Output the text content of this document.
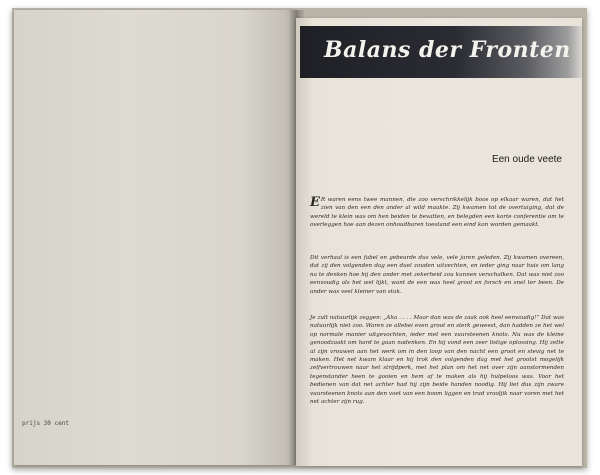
prijs 30 cent
Balans der Fronten
Een oude veete
E R waren eens twee mannen, die zoo verschrikkelijk boos op elkaar waren, dat het zien van den een den ander al wild maakte. Zij kwamen tot de overtuiging, dat de wereld te klein was om hen beiden te bevatten, en belegden een korte conferentie om te overleggen hoe aan dezen onhoudbaren toestand een eind kon worden gemaakt.
Dit verhaal is een fabel en gebeurde dus vele, vele jaren geleden. Zij kwamen overeen, dat zij den volgenden dag een duel zouden uitvechten, en ieder ging naar huis om lang na te denken hoe hij den ander met zekerheid zou kunnen verschalken. Dat was niet zoo eenvoudig als het wel lijkt, want de een was heel groot en forsch en snel ter been. De ander was veel kleiner van stuk.
Je zult natuurlijk zeggen: „Aha . . . . Maar dan was de zaak ook heel eenvoudig!” Dat was natuurlijk niet zoo. Waren ze allebei even groot en sterk geweest, dan hadden ze het wel op normale manier uitgevochten, ieder met een vuursteenen knots. Nu was de kleine genoodzaakt om hard te gaan nadenken. En hij vond een zeer listige oplossing. Hij zette al zijn vrouwen aan het werk om in den loop van den nacht een groot en stevig net te maken. Het net kwam klaar en hij trok den volgenden dag met het grootst mogelijk zelfvertrouwen naar het strijdperk, met het plan om het net over zijn aanstormenden tegenstander heen te gooien en hem af te maken als hij hulpeloos was. Voor het bedienen van dat net achter had hij zijn beide handen noodig. Hij liet dus zijn zware vuursteenen knots aan den voet van een boom liggen en trad vrooljik naar voren met het net achter zijn rug.
